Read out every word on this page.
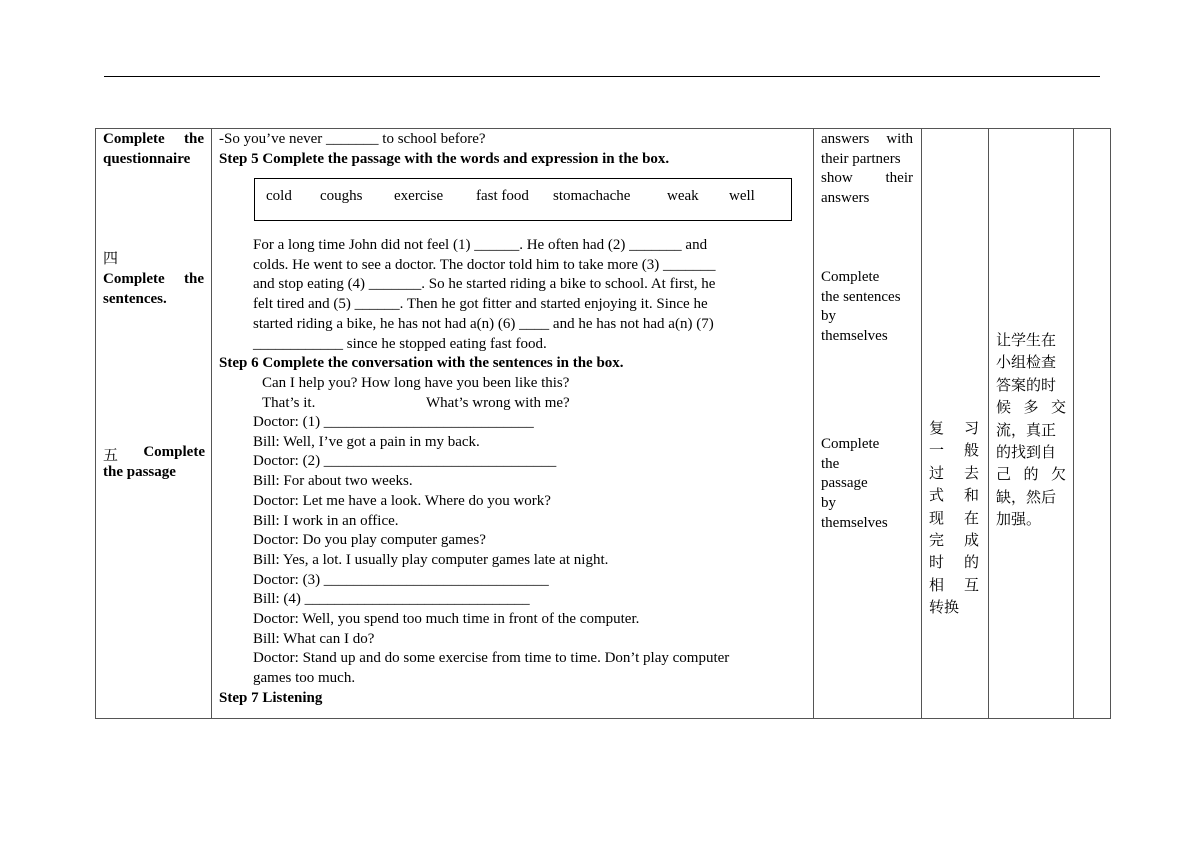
Complete the questionnaire
四
Complete the sentences.
五	Complete
the passage

-So you’ve never _______ to school before?
Step 5 Complete the passage with the words and expression in the box.
cold coughs exercise fast food stomachache weak well
For a long time John did not feel (1) ______. He often had (2) _______ and
colds. He went to see a doctor. The doctor told him to take more (3) _______
and stop eating (4) _______. So he started riding a bike to school. At first, he
felt tired and (5) ______. Then he got fitter and started enjoying it. Since he
started riding a bike, he has not had a(n) (6) ____ and he has not had a(n) (7)
____________ since he stopped eating fast food.
Step 6 Complete the conversation with the sentences in the box.
Can I help you? How long have you been like this?
That’s it.	What’s wrong with me?
Doctor: (1) ____________________________
Bill: Well, I’ve got a pain in my back.
Doctor: (2) _______________________________
Bill: For about two weeks.
Doctor: Let me have a look. Where do you work?
Bill: I work in an office.
Doctor: Do you play computer games?
Bill: Yes, a lot. I usually play computer games late at night.
Doctor: (3) ______________________________
Bill: (4) ______________________________
Doctor: Well, you spend too much time in front of the computer.
Bill: What can I do?
Doctor: Stand up and do some exercise from time to time. Don’t play computer
games too much.
Step 7 Listening

answers with
their partners
show their
answers
Complete
the sentences
by
themselves
Complete
the
passage
by
themselves

复 习
一 般
过 去
式 和
现 在
完 成
时 的
相 互
转换

让学生在
小组检查
答案的时
候多交
流，真正
的找到自
己的欠
缺，然后
加强。
